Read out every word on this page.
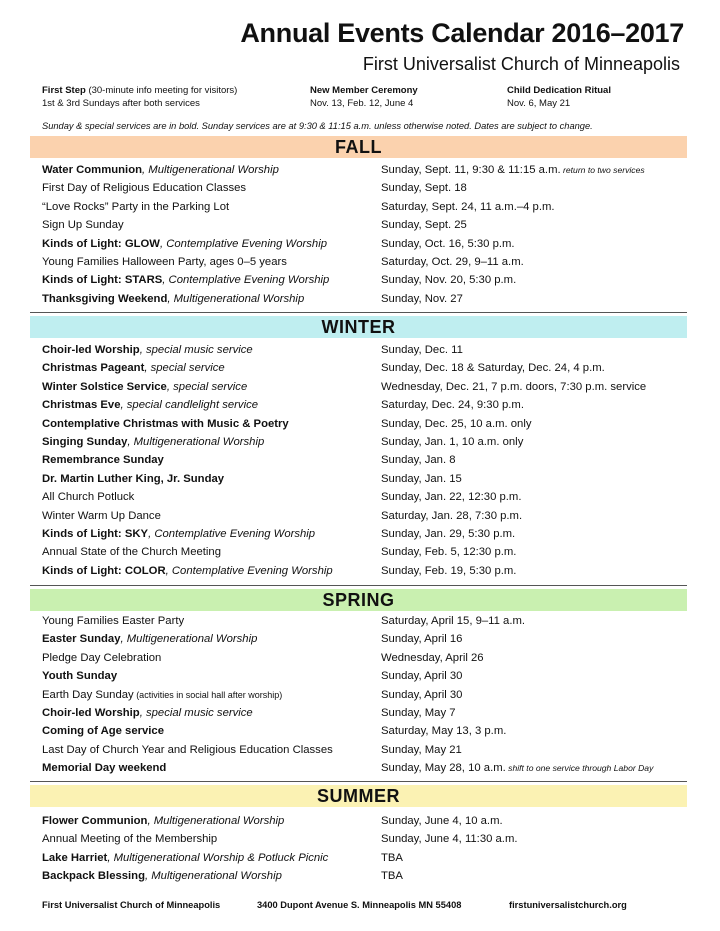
Annual Events Calendar 2016–2017
First Universalist Church of Minneapolis
First Step (30-minute info meeting for visitors)
1st & 3rd Sundays after both services
New Member Ceremony
Nov. 13, Feb. 12, June 4
Child Dedication Ritual
Nov. 6, May 21
Sunday & special services are in bold. Sunday services are at 9:30 & 11:15 a.m. unless otherwise noted. Dates are subject to change.
FALL
Water Communion, Multigenerational Worship	Sunday, Sept. 11, 9:30 & 11:15 a.m. return to two services
First Day of Religious Education Classes	Sunday, Sept. 18
“Love Rocks” Party in the Parking Lot	Saturday, Sept. 24, 11 a.m.–4 p.m.
Sign Up Sunday	Sunday, Sept. 25
Kinds of Light: GLOW, Contemplative Evening Worship	Sunday, Oct. 16, 5:30 p.m.
Young Families Halloween Party, ages 0–5 years	Saturday, Oct. 29, 9–11 a.m.
Kinds of Light: STARS, Contemplative Evening Worship	Sunday, Nov. 20, 5:30 p.m.
Thanksgiving Weekend, Multigenerational Worship	Sunday, Nov. 27
WINTER
Choir-led Worship, special music service	Sunday, Dec. 11
Christmas Pageant, special service	Sunday, Dec. 18 & Saturday, Dec. 24, 4 p.m.
Winter Solstice Service, special service	Wednesday, Dec. 21, 7 p.m. doors, 7:30 p.m. service
Christmas Eve, special candlelight service	Saturday, Dec. 24, 9:30 p.m.
Contemplative Christmas with Music & Poetry	Sunday, Dec. 25, 10 a.m. only
Singing Sunday, Multigenerational Worship	Sunday, Jan. 1, 10 a.m. only
Remembrance Sunday	Sunday, Jan. 8
Dr. Martin Luther King, Jr. Sunday	Sunday, Jan. 15
All Church Potluck	Sunday, Jan. 22, 12:30 p.m.
Winter Warm Up Dance	Saturday, Jan. 28, 7:30 p.m.
Kinds of Light: SKY, Contemplative Evening Worship	Sunday, Jan. 29, 5:30 p.m.
Annual State of the Church Meeting	Sunday, Feb. 5, 12:30 p.m.
Kinds of Light: COLOR, Contemplative Evening Worship	Sunday, Feb. 19, 5:30 p.m.
SPRING
Young Families Easter Party	Saturday, April 15, 9–11 a.m.
Easter Sunday, Multigenerational Worship	Sunday, April 16
Pledge Day Celebration	Wednesday, April 26
Youth Sunday	Sunday, April 30
Earth Day Sunday (activities in social hall after worship)	Sunday, April 30
Choir-led Worship, special music service	Sunday, May 7
Coming of Age service	Saturday, May 13, 3 p.m.
Last Day of Church Year and Religious Education Classes	Sunday, May 21
Memorial Day weekend	Sunday, May 28, 10 a.m. shift to one service through Labor Day
SUMMER
Flower Communion, Multigenerational Worship	Sunday, June 4, 10 a.m.
Annual Meeting of the Membership	Sunday, June 4, 11:30 a.m.
Lake Harriet, Multigenerational Worship & Potluck Picnic	TBA
Backpack Blessing, Multigenerational Worship	TBA
First Universalist Church of Minneapolis	3400 Dupont Avenue S. Minneapolis MN 55408	firstuniversalistchurch.org
